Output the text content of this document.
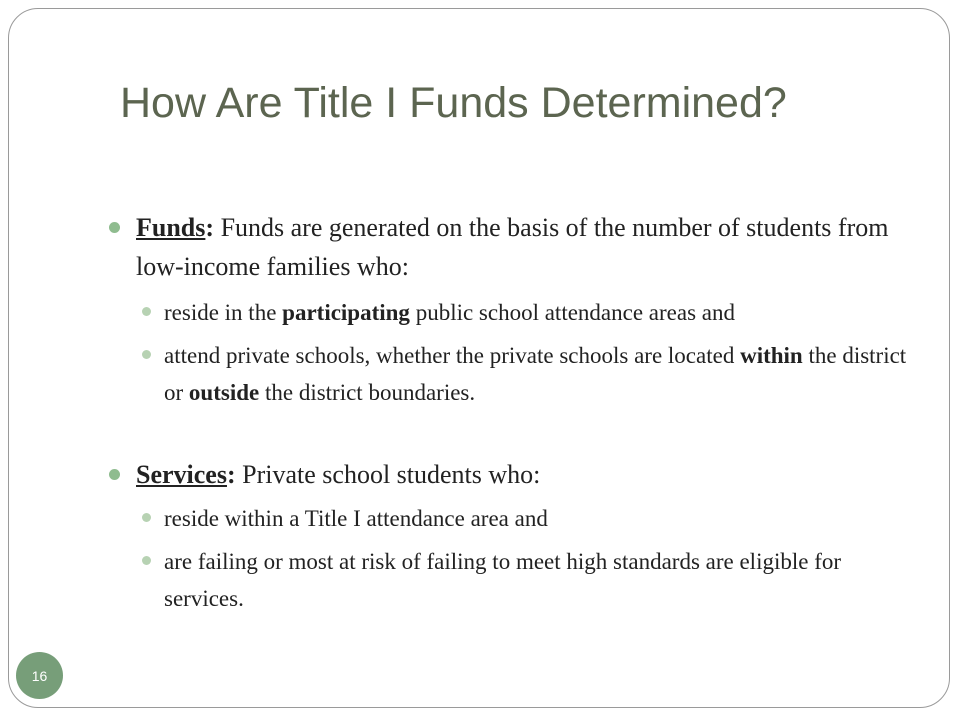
How Are Title I Funds Determined?

Funds: Funds are generated on the basis of the number of students from low-income families who:

reside in the participating public school attendance areas and

attend private schools, whether the private schools are located within the district or outside the district boundaries.

Services: Private school students who:

reside within a Title I attendance area and

are failing or most at risk of failing to meet high standards are eligible for services.

16
